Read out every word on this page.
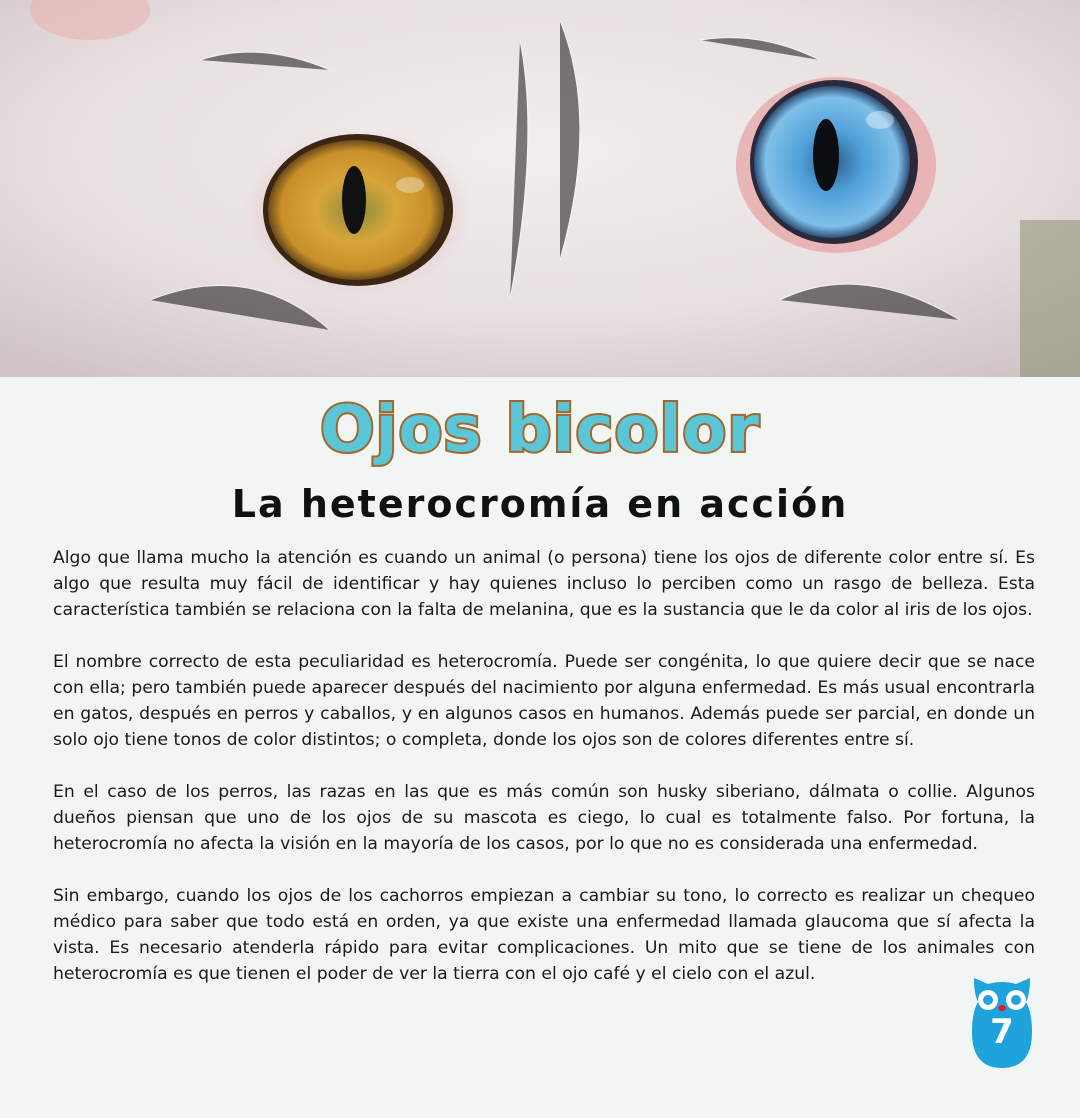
Ojos bicolor
La heterocromía en acción

Algo que llama mucho la atención es cuando un animal (o persona) tiene los ojos de diferente color entre sí. Es algo que resulta muy fácil de identificar y hay quienes incluso lo perciben como un rasgo de belleza. Esta característica también se relaciona con la falta de melanina, que es la sustancia que le da color al iris de los ojos.

El nombre correcto de esta peculiaridad es heterocromía. Puede ser congénita, lo que quiere decir que se nace con ella; pero también puede aparecer después del nacimiento por alguna enfermedad. Es más usual encontrarla en gatos, después en perros y caballos, y en algunos casos en humanos. Además puede ser parcial, en donde un solo ojo tiene tonos de color distintos; o completa, donde los ojos son de colores diferentes entre sí.

En el caso de los perros, las razas en las que es más común son husky siberiano, dálmata o collie. Algunos dueños piensan que uno de los ojos de su mascota es ciego, lo cual es totalmente falso. Por fortuna, la heterocromía no afecta la visión en la mayoría de los casos, por lo que no es considerada una enfermedad.

Sin embargo, cuando los ojos de los cachorros empiezan a cambiar su tono, lo correcto es realizar un chequeo médico para saber que todo está en orden, ya que existe una enfermedad llamada glaucoma que sí afecta la vista. Es necesario atenderla rápido para evitar complicaciones. Un mito que se tiene de los animales con heterocromía es que tienen el poder de ver la tierra con el ojo café y el cielo con el azul.

7
